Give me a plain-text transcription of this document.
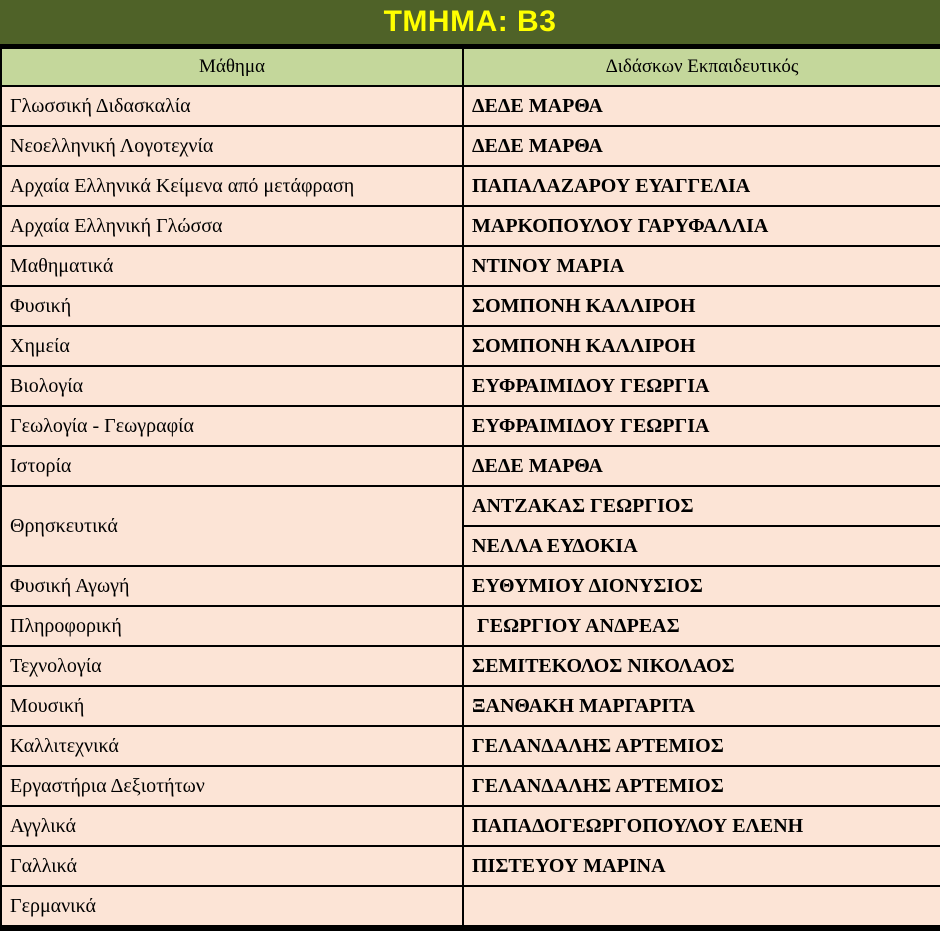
ΤΜΗΜΑ: Β3
Μάθημα	Διδάσκων Εκπαιδευτικός
Γλωσσική Διδασκαλία	ΔΕΔΕ ΜΑΡΘΑ
Νεοελληνική Λογοτεχνία	ΔΕΔΕ ΜΑΡΘΑ
Αρχαία Ελληνικά Κείμενα από μετάφραση	ΠΑΠΑΛΑΖΑΡΟΥ ΕΥΑΓΓΕΛΙΑ
Αρχαία Ελληνική Γλώσσα	ΜΑΡΚΟΠΟΥΛΟΥ ΓΑΡΥΦΑΛΛΙΑ
Μαθηματικά	ΝΤΙΝΟΥ ΜΑΡΙΑ
Φυσική	ΣΟΜΠΟΝΗ ΚΑΛΛΙΡΟΗ
Χημεία	ΣΟΜΠΟΝΗ ΚΑΛΛΙΡΟΗ
Βιολογία	ΕΥΦΡΑΙΜΙΔΟΥ ΓΕΩΡΓΙΑ
Γεωλογία - Γεωγραφία	ΕΥΦΡΑΙΜΙΔΟΥ ΓΕΩΡΓΙΑ
Ιστορία	ΔΕΔΕ ΜΑΡΘΑ
Θρησκευτικά	ΑΝΤΖΑΚΑΣ ΓΕΩΡΓΙΟΣ
	ΝΕΛΛΑ ΕΥΔΟΚΙΑ
Φυσική Αγωγή	ΕΥΘΥΜΙΟΥ ΔΙΟΝΥΣΙΟΣ
Πληροφορική	ΓΕΩΡΓΙΟΥ ΑΝΔΡΕΑΣ
Τεχνολογία	ΣΕΜΙΤΕΚΟΛΟΣ ΝΙΚΟΛΑΟΣ
Μουσική	ΞΑΝΘΑΚΗ ΜΑΡΓΑΡΙΤΑ
Καλλιτεχνικά	ΓΕΛΑΝΔΑΛΗΣ ΑΡΤΕΜΙΟΣ
Εργαστήρια Δεξιοτήτων	ΓΕΛΑΝΔΑΛΗΣ ΑΡΤΕΜΙΟΣ
Αγγλικά	ΠΑΠΑΔΟΓΕΩΡΓΟΠΟΥΛΟΥ ΕΛΕΝΗ
Γαλλικά	ΠΙΣΤΕΥΟΥ ΜΑΡΙΝΑ
Γερμανικά	
